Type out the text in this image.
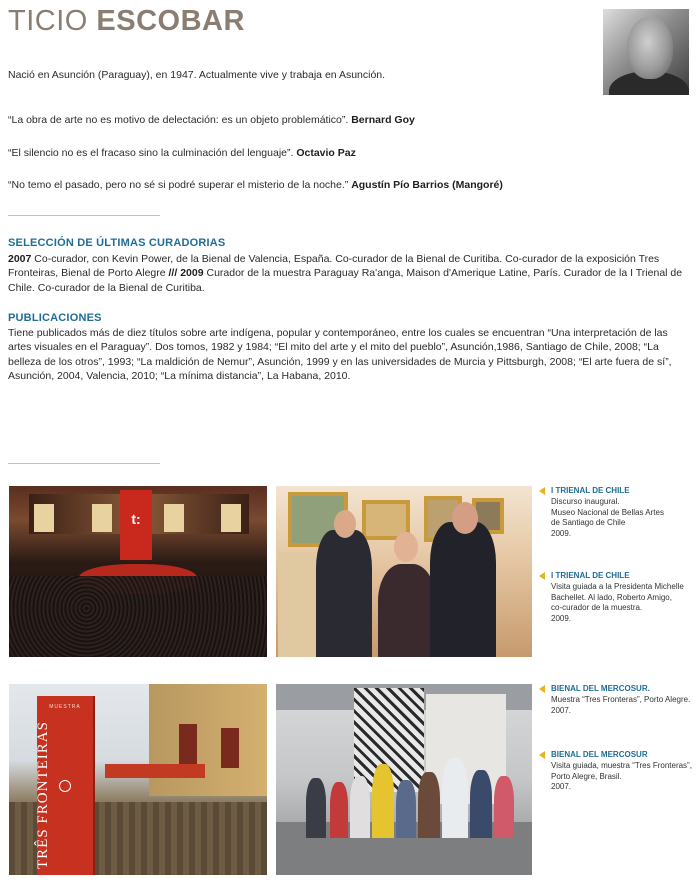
TICIO ESCOBAR
Nació en Asunción (Paraguay), en 1947. Actualmente vive y trabaja en Asunción.
“La obra de arte no es motivo de delectación: es un objeto problemático”. Bernard Goy
“El silencio no es el fracaso sino la culminación del lenguaje”. Octavio Paz
“No temo el pasado, pero no sé si podré superar el misterio de la noche.” Agustín Pío Barrios (Mangoré)
SELECCIÓN DE ÚLTIMAS CURADORIAS
2007 Co-curador, con Kevin Power, de la Bienal de Valencia, España. Co-curador de la Bienal de Curitiba. Co-curador de la exposición Tres Fronteiras, Bienal de Porto Alegre /// 2009 Curador de la muestra Paraguay Ra'anga, Maison d'Amerique Latine, París. Curador de la I Trienal de Chile. Co-curador de la Bienal de Curitiba.
PUBLICACIONES
Tiene publicados más de diez títulos sobre arte indígena, popular y contemporáneo, entre los cuales se encuentran “Una interpretación de las artes visuales en el Paraguay”. Dos tomos, 1982 y 1984; “El mito del arte y el mito del pueblo”, Asunción,1986, Santiago de Chile, 2008; “La belleza de los otros”, 1993; “La maldición de Nemur”, Asunción, 1999 y en las universidades de Murcia y Pittsburgh, 2008; “El arte fuera de sí”, Asunción, 2004, Valencia, 2010; “La mínima distancia”, La Habana, 2010.
t:
MUESTRA
TRÊS FRONTEIRAS
I TRIENAL DE CHILE
Discurso inaugural.
Museo Nacional de Bellas Artes
de Santiago de Chile
2009.
I TRIENAL DE CHILE
Visita guiada a la Presidenta Michelle
Bachellet. Al lado, Roberto Amigo,
co-curador de la muestra.
2009.
BIENAL DEL MERCOSUR.
Muestra “Tres Fronteras”, Porto Alegre.
2007.
BIENAL DEL MERCOSUR
Visita guiada, muestra “Tres Fronteras”,
Porto Alegre, Brasil.
2007.
